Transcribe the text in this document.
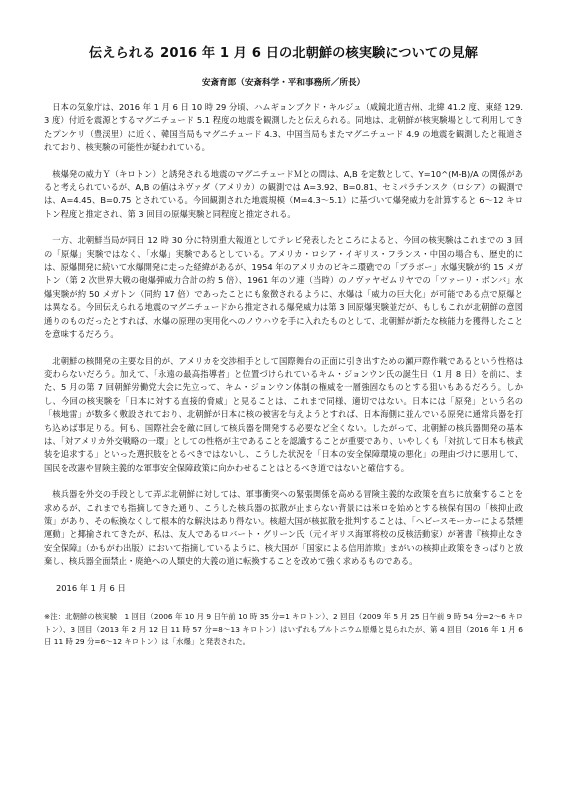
伝えられる 2016 年 1 月 6 日の北朝鮮の核実験についての見解
安斎育郎（安斎科学・平和事務所／所長）

日本の気象庁は、2016 年 1 月 6 日 10 時 29 分頃、ハムギョンブクド・キルジュ（咸鏡北道吉州、北緯 41.2 度、東経 129.3 度）付近を震源とするマグニチュード 5.1 程度の地震を観測したと伝えられる。同地は、北朝鮮が核実験場として利用してきたプンケリ（豊渓里）に近く、韓国当局もマグニチュード 4.3、中国当局もまたマグニチュード 4.9 の地震を観測したと報道されており、核実験の可能性が疑われている。

核爆発の威力Ｙ（キロトン）と誘発される地震のマグニチュードＭとの間は、A,B を定数として、Y=10^(M-B)/A の関係があると考えられているが、A,B の値はネヴァダ（アメリカ）の観測では A=3.92、B=0.81、セミパラチンスク（ロシア）の観測では、A=4.45、B=0.75 とされている。今回観測された地震規模（M=4.3〜5.1）に基づいて爆発威力を計算すると 6〜12 キロトン程度と推定され、第 3 回目の原爆実験と同程度と推定される。

一方、北朝鮮当局が同日 12 時 30 分に特別重大報道としてテレビ発表したところによると、今回の核実験はこれまでの 3 回の「原爆」実験ではなく、「水爆」実験であるとしている。アメリカ・ロシア・イギリス・フランス・中国の場合も、歴史的には、原爆開発に続いて水爆開発に走った経緯があるが、1954 年のアメリカのビキニ環礁での「ブラボー」水爆実験が約 15 メガトン（第 2 次世界大戦の砲爆弾威力合計の約 5 倍）、1961 年のソ連（当時）のノヴァヤゼムリヤでの「ツァーリ・ボンバ」水爆実験が約 50 メガトン（同約 17 倍）であったことにも象徴されるように、水爆は「威力の巨大化」が可能である点で原爆とは異なる。今回伝えられる地震のマグニチュードから推定される爆発威力は第 3 回原爆実験並だが、もしもこれが北朝鮮の意図通りのものだったとすれば、水爆の原理の実用化へのノウハウを手に入れたものとして、北朝鮮が新たな核能力を獲得したことを意味するだろう。

北朝鮮の核開発の主要な目的が、アメリカを交渉相手として国際舞台の正面に引き出すための瀬戸際作戦であるという性格は変わらないだろう。加えて、「永遠の最高指導者」と位置づけられているキム・ジョンウン氏の誕生日（1 月 8 日）を前に、また、5 月の第 7 回朝鮮労働党大会に先立って、キム・ジョンウン体制の権威を一層強固なものとする狙いもあるだろう。しかし、今回の核実験を「日本に対する直接的脅威」と見ることは、これまで同様、適切ではない。日本には「原発」という名の「核地雷」が数多く敷設されており、北朝鮮が日本に核の被害を与えようとすれば、日本海側に並んでいる原発に通常兵器を打ち込めば事足りる。何も、国際社会を敵に回して核兵器を開発する必要など全くない。したがって、北朝鮮の核兵器開発の基本は、「対アメリカ外交戦略の一環」としての性格が主であることを認識することが重要であり、いやしくも「対抗して日本も核武装を追求する」といった選択肢をとるべきではないし、こうした状況を「日本の安全保障環境の悪化」の理由づけに悪用して、国民を改憲や冒険主義的な軍事安全保障政策に向かわせることはとるべき道ではないと確信する。

核兵器を外交の手段として弄ぶ北朝鮮に対しては、軍事衝突への緊張関係を高める冒険主義的な政策を直ちに放棄することを求めるが、これまでも指摘してきた通り、こうした核兵器の拡散が止まらない背景には米ロを始めとする核保有国の「核抑止政策」があり、その転換なくして根本的な解決はあり得ない。核超大国が核拡散を批判することは、「ヘビースモーカーによる禁煙運動」と揶揄されてきたが、私は、友人であるロバート・グリーン氏（元イギリス海軍将校の反核活動家）が著書『核抑止なき安全保障』（かもがわ出版）において指摘しているように、核大国が「国家による信用詐欺」まがいの核抑止政策をきっぱりと放棄し、核兵器全面禁止・廃絶への人類史的大義の道に転換することを改めて強く求めるものである。

2016 年 1 月 6 日

※注：北朝鮮の核実験　1 回目（2006 年 10 月 9 日午前 10 時 35 分=1 キロトン）、2 回目（2009 年 5 月 25 日午前 9 時 54 分=2〜6 キロトン）、3 回目（2013 年 2 月 12 日 11 時 57 分=8〜13 キロトン）はいずれもプルトニウム原爆と見られたが、第 4 回目（2016 年 1 月 6 日 11 時 29 分=6〜12 キロトン）は「水爆」と発表された。
